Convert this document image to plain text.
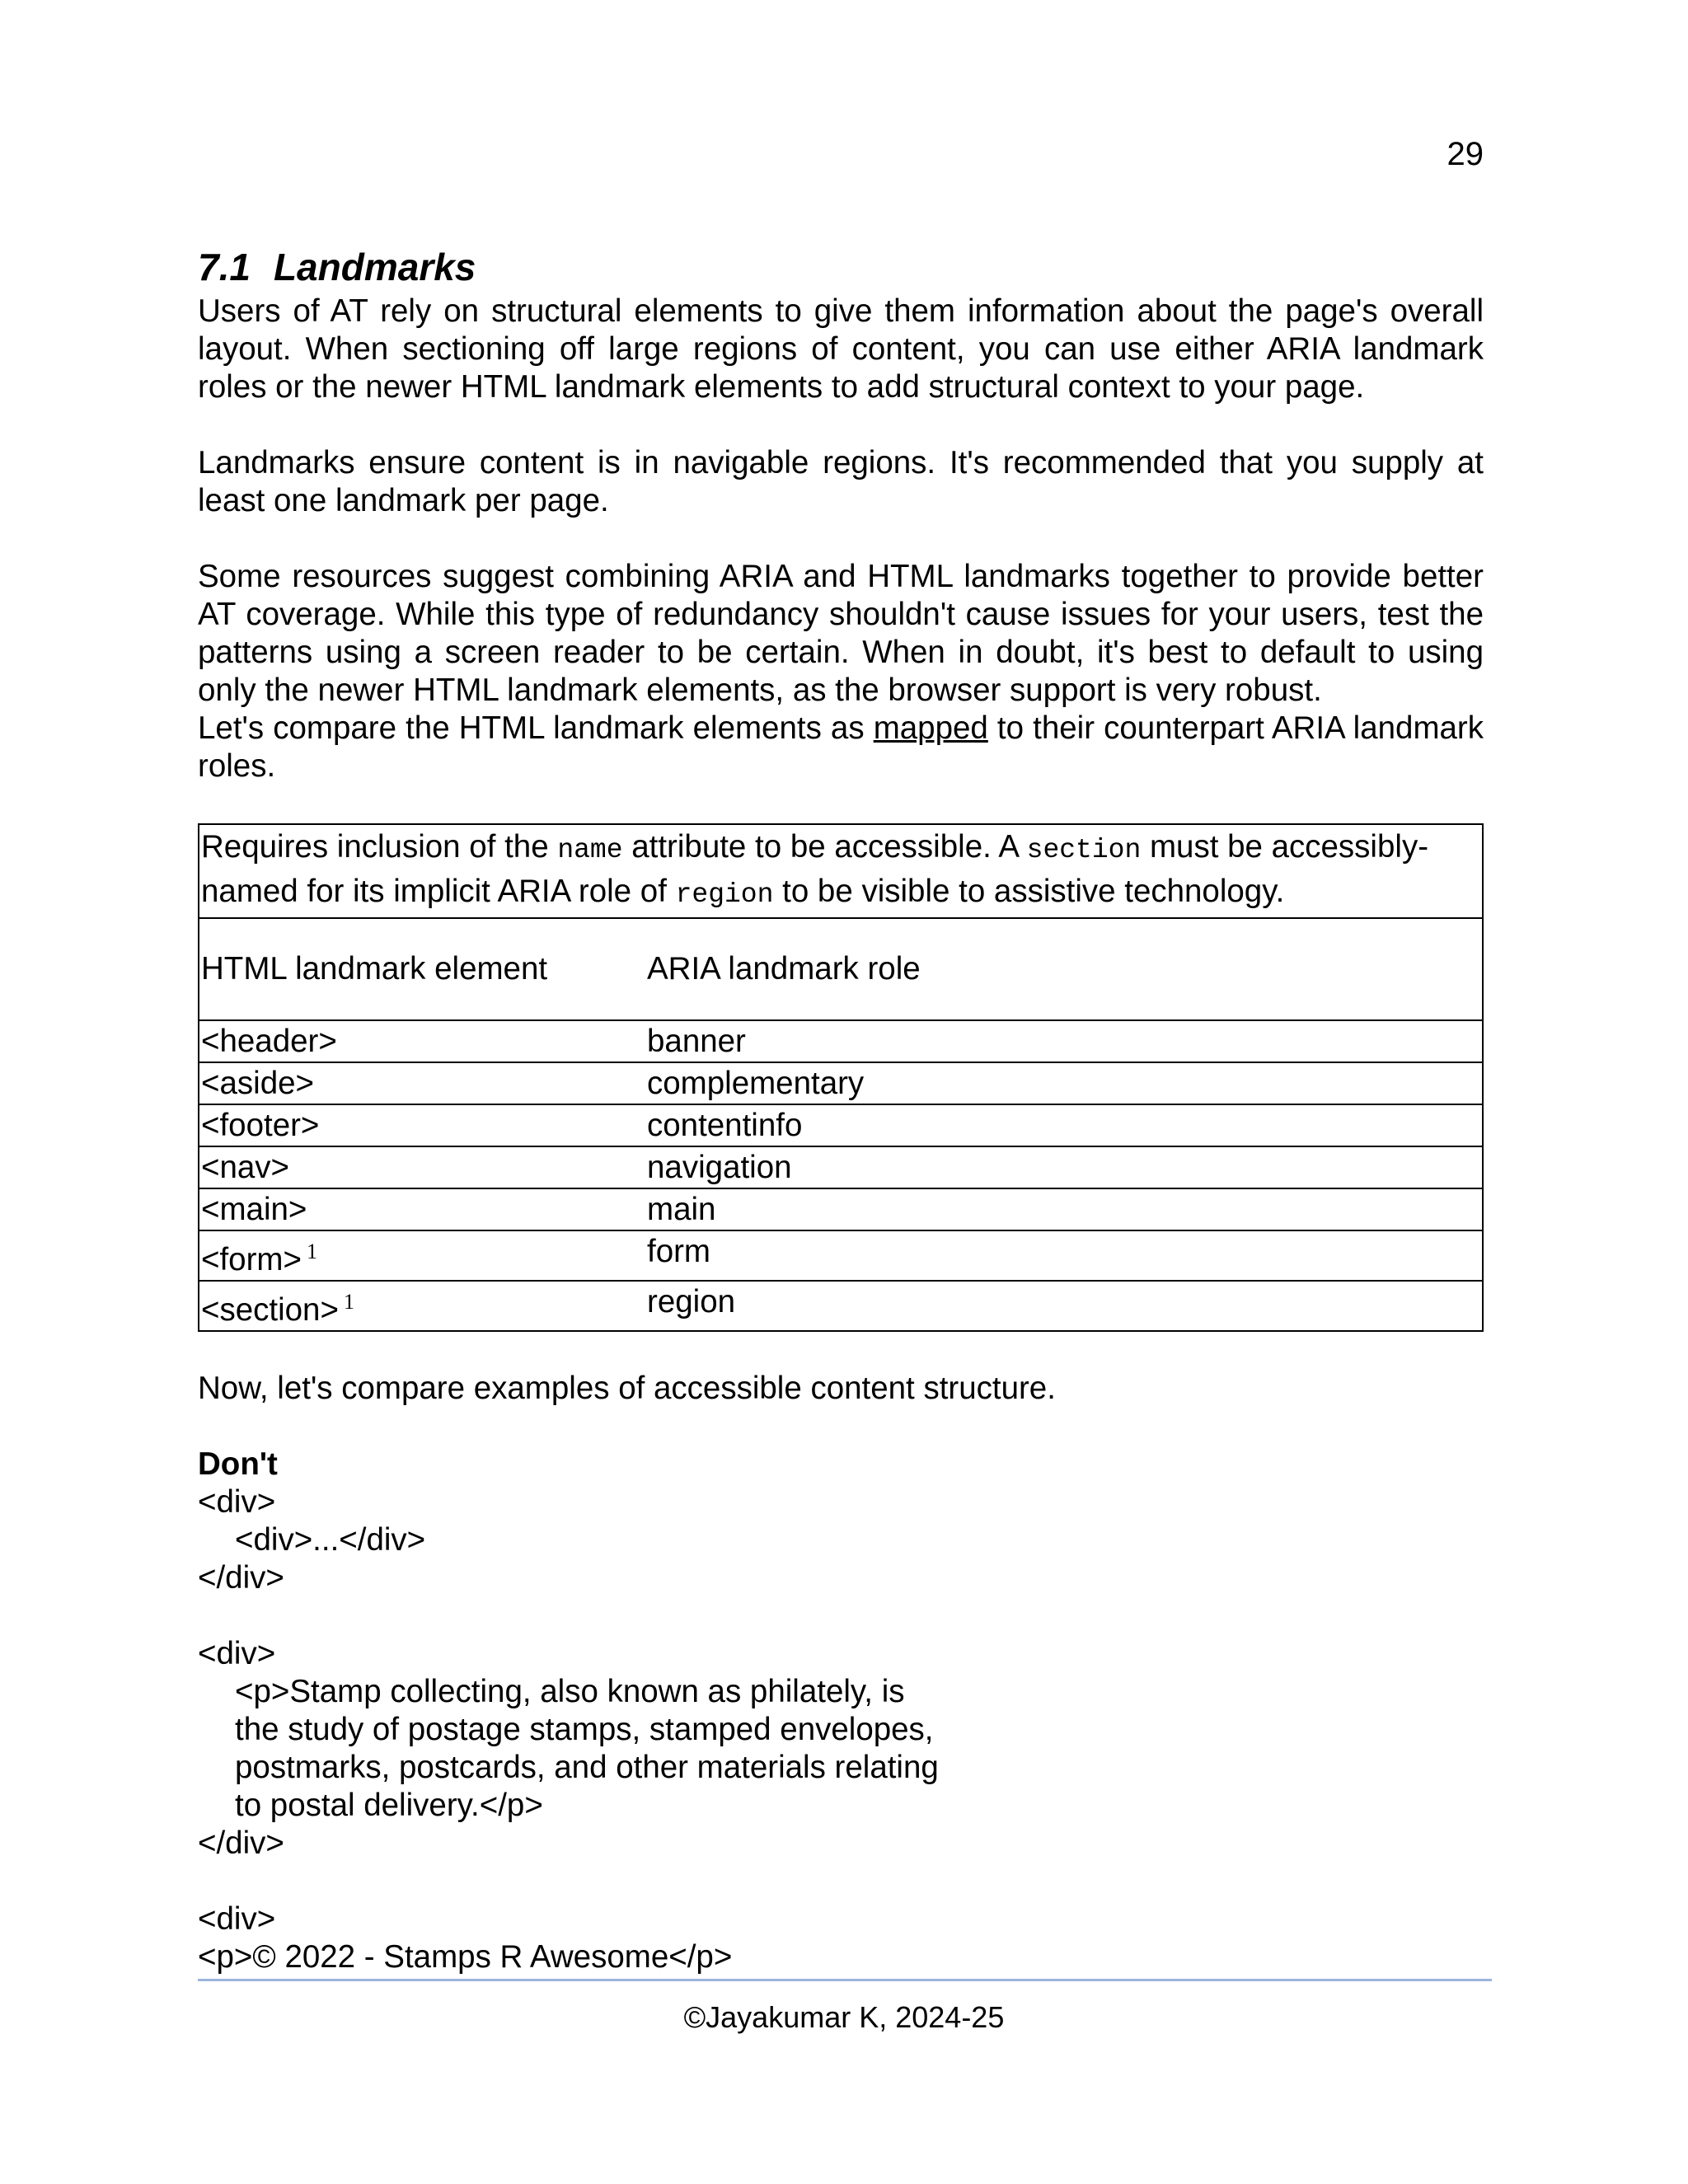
29
7.1 Landmarks

Users of AT rely on structural elements to give them information about the page's overall layout. When sectioning off large regions of content, you can use either ARIA landmark roles or the newer HTML landmark elements to add structural context to your page.

Landmarks ensure content is in navigable regions. It's recommended that you supply at least one landmark per page.

Some resources suggest combining ARIA and HTML landmarks together to provide better AT coverage. While this type of redundancy shouldn't cause issues for your users, test the patterns using a screen reader to be certain. When in doubt, it's best to default to using only the newer HTML landmark elements, as the browser support is very robust.

Let's compare the HTML landmark elements as mapped to their counterpart ARIA landmark roles.

Requires inclusion of the name attribute to be accessible. A section must be accessibly-named for its implicit ARIA role of region to be visible to assistive technology.	
HTML landmark element	ARIA landmark role
<header>	banner
<aside>	complementary
<footer>	contentinfo
<nav>	navigation
<main>	main
<form> $^1$	form
<section> $^1$	region

Now, let's compare examples of accessible content structure.

Don't
<div>
<div>...</div>
</div>
<div>
<p>Stamp collecting, also known as philately, is
the study of postage stamps, stamped envelopes,
postmarks, postcards, and other materials relating
to postal delivery.</p>
</div>
<div>
<p>© 2022 - Stamps R Awesome</p>
©Jayakumar K, 2024-25
